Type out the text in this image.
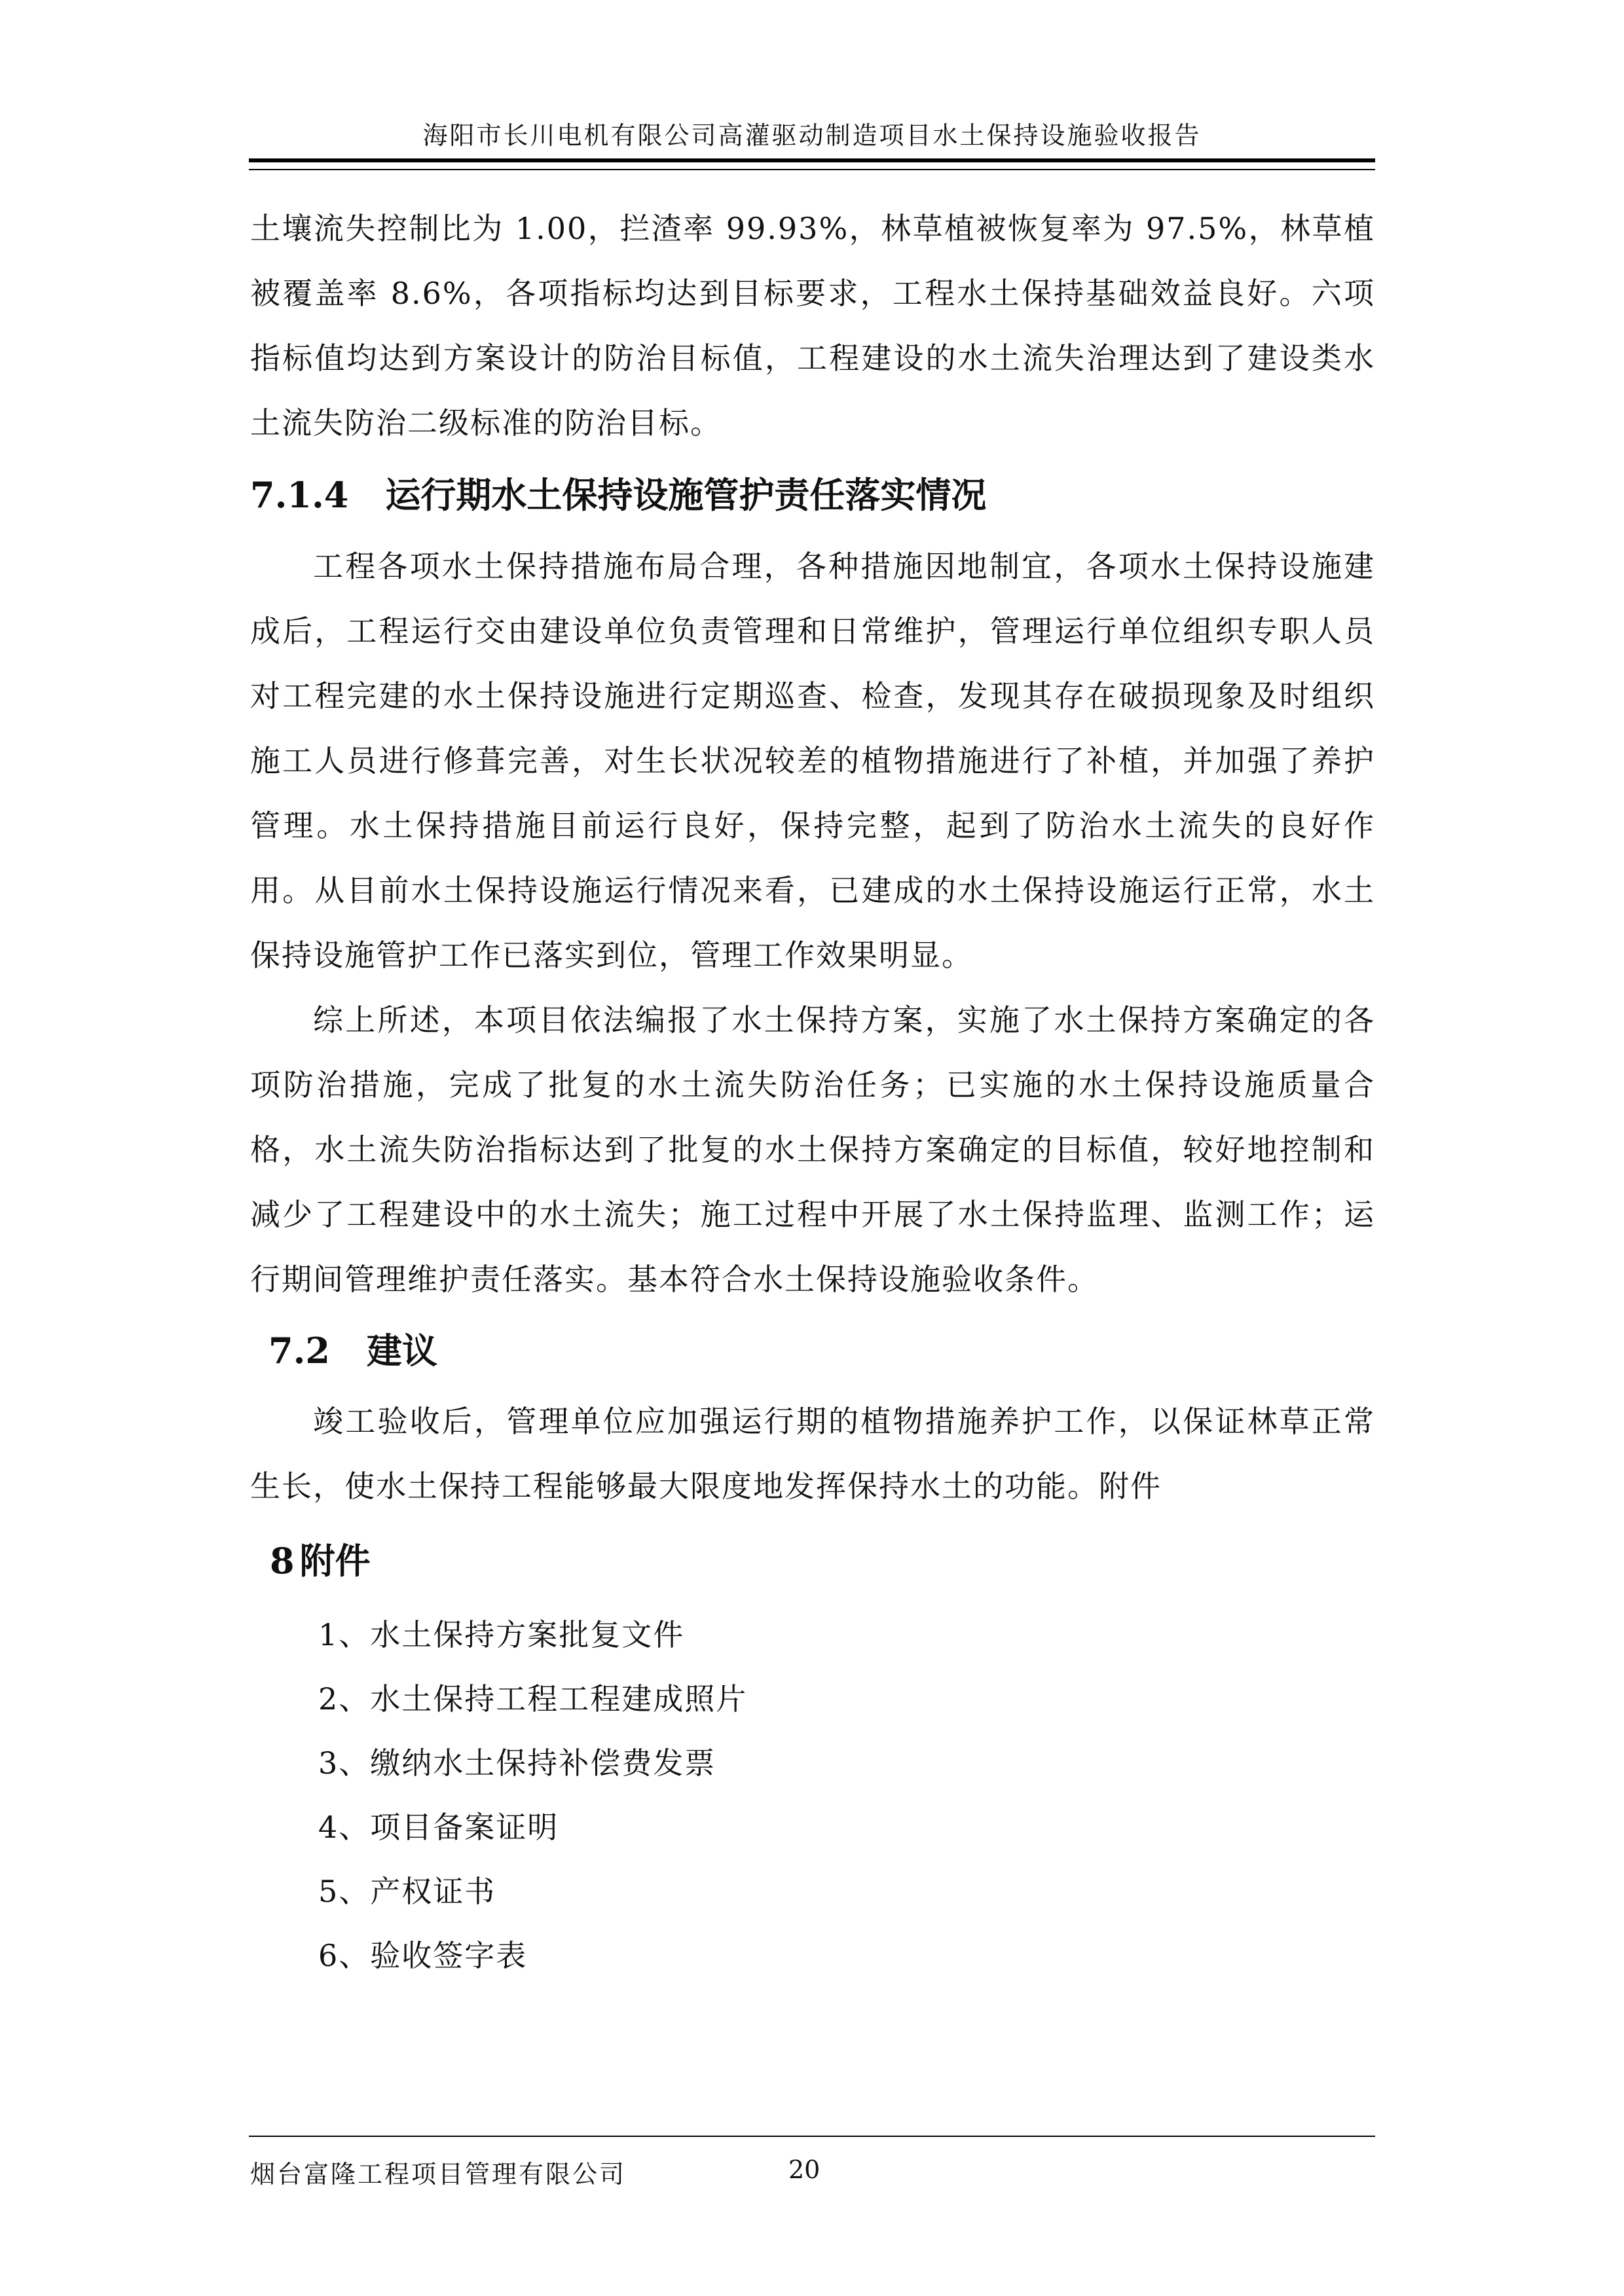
海阳市长川电机有限公司高灌驱动制造项目水土保持设施验收报告

土壤流失控制比为 1.00，拦渣率 99.93%，林草植被恢复率为 97.5%，林草植被覆盖率 8.6%，各项指标均达到目标要求，工程水土保持基础效益良好。六项指标值均达到方案设计的防治目标值，工程建设的水土流失治理达到了建设类水土流失防治二级标准的防治目标。

7.1.4 运行期水土保持设施管护责任落实情况

工程各项水土保持措施布局合理，各种措施因地制宜，各项水土保持设施建成后，工程运行交由建设单位负责管理和日常维护，管理运行单位组织专职人员对工程完建的水土保持设施进行定期巡查、检查，发现其存在破损现象及时组织施工人员进行修葺完善，对生长状况较差的植物措施进行了补植，并加强了养护管理。水土保持措施目前运行良好，保持完整，起到了防治水土流失的良好作用。从目前水土保持设施运行情况来看，已建成的水土保持设施运行正常，水土保持设施管护工作已落实到位，管理工作效果明显。

综上所述，本项目依法编报了水土保持方案，实施了水土保持方案确定的各项防治措施，完成了批复的水土流失防治任务；已实施的水土保持设施质量合格，水土流失防治指标达到了批复的水土保持方案确定的目标值，较好地控制和减少了工程建设中的水土流失；施工过程中开展了水土保持监理、监测工作；运行期间管理维护责任落实。基本符合水土保持设施验收条件。

7.2 建议

竣工验收后，管理单位应加强运行期的植物措施养护工作，以保证林草正常生长，使水土保持工程能够最大限度地发挥保持水土的功能。附件

8 附件
1、水土保持方案批复文件
2、水土保持工程工程建成照片
3、缴纳水土保持补偿费发票
4、项目备案证明
5、产权证书
6、验收签字表
烟台富隆工程项目管理有限公司	20
